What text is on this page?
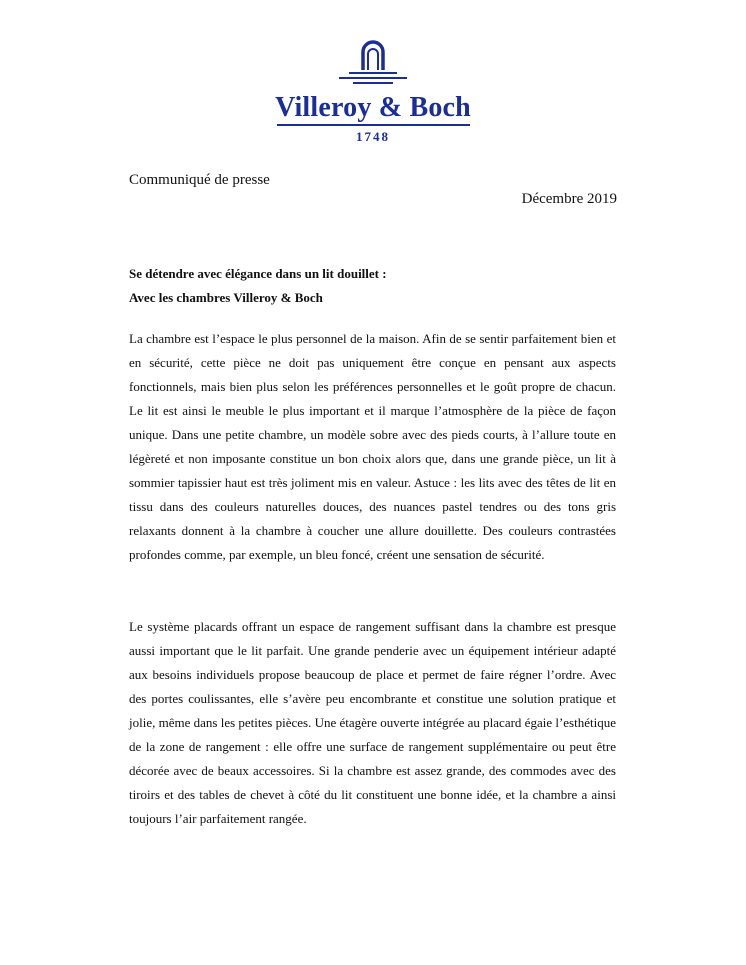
Villeroy & Boch
1748
Communiqué de presse
Décembre 2019
Se détendre avec élégance dans un lit douillet :
Avec les chambres Villeroy & Boch

La chambre est l’espace le plus personnel de la maison. Afin de se sentir parfaitement bien et en sécurité, cette pièce ne doit pas uniquement être conçue en pensant aux aspects fonctionnels, mais bien plus selon les préférences personnelles et le goût propre de chacun. Le lit est ainsi le meuble le plus important et il marque l’atmosphère de la pièce de façon unique. Dans une petite chambre, un modèle sobre avec des pieds courts, à l’allure toute en légèreté et non imposante constitue un bon choix alors que, dans une grande pièce, un lit à sommier tapissier haut est très joliment mis en valeur. Astuce : les lits avec des têtes de lit en tissu dans des couleurs naturelles douces, des nuances pastel tendres ou des tons gris relaxants donnent à la chambre à coucher une allure douillette. Des couleurs contrastées profondes comme, par exemple, un bleu foncé, créent une sensation de sécurité.

Le système placards offrant un espace de rangement suffisant dans la chambre est presque aussi important que le lit parfait. Une grande penderie avec un équipement intérieur adapté aux besoins individuels propose beaucoup de place et permet de faire régner l’ordre. Avec des portes coulissantes, elle s’avère peu encombrante et constitue une solution pratique et jolie, même dans les petites pièces. Une étagère ouverte intégrée au placard égaie l’esthétique de la zone de rangement : elle offre une surface de rangement supplémentaire ou peut être décorée avec de beaux accessoires. Si la chambre est assez grande, des commodes avec des tiroirs et des tables de chevet à côté du lit constituent une bonne idée, et la chambre a ainsi toujours l’air parfaitement rangée.
